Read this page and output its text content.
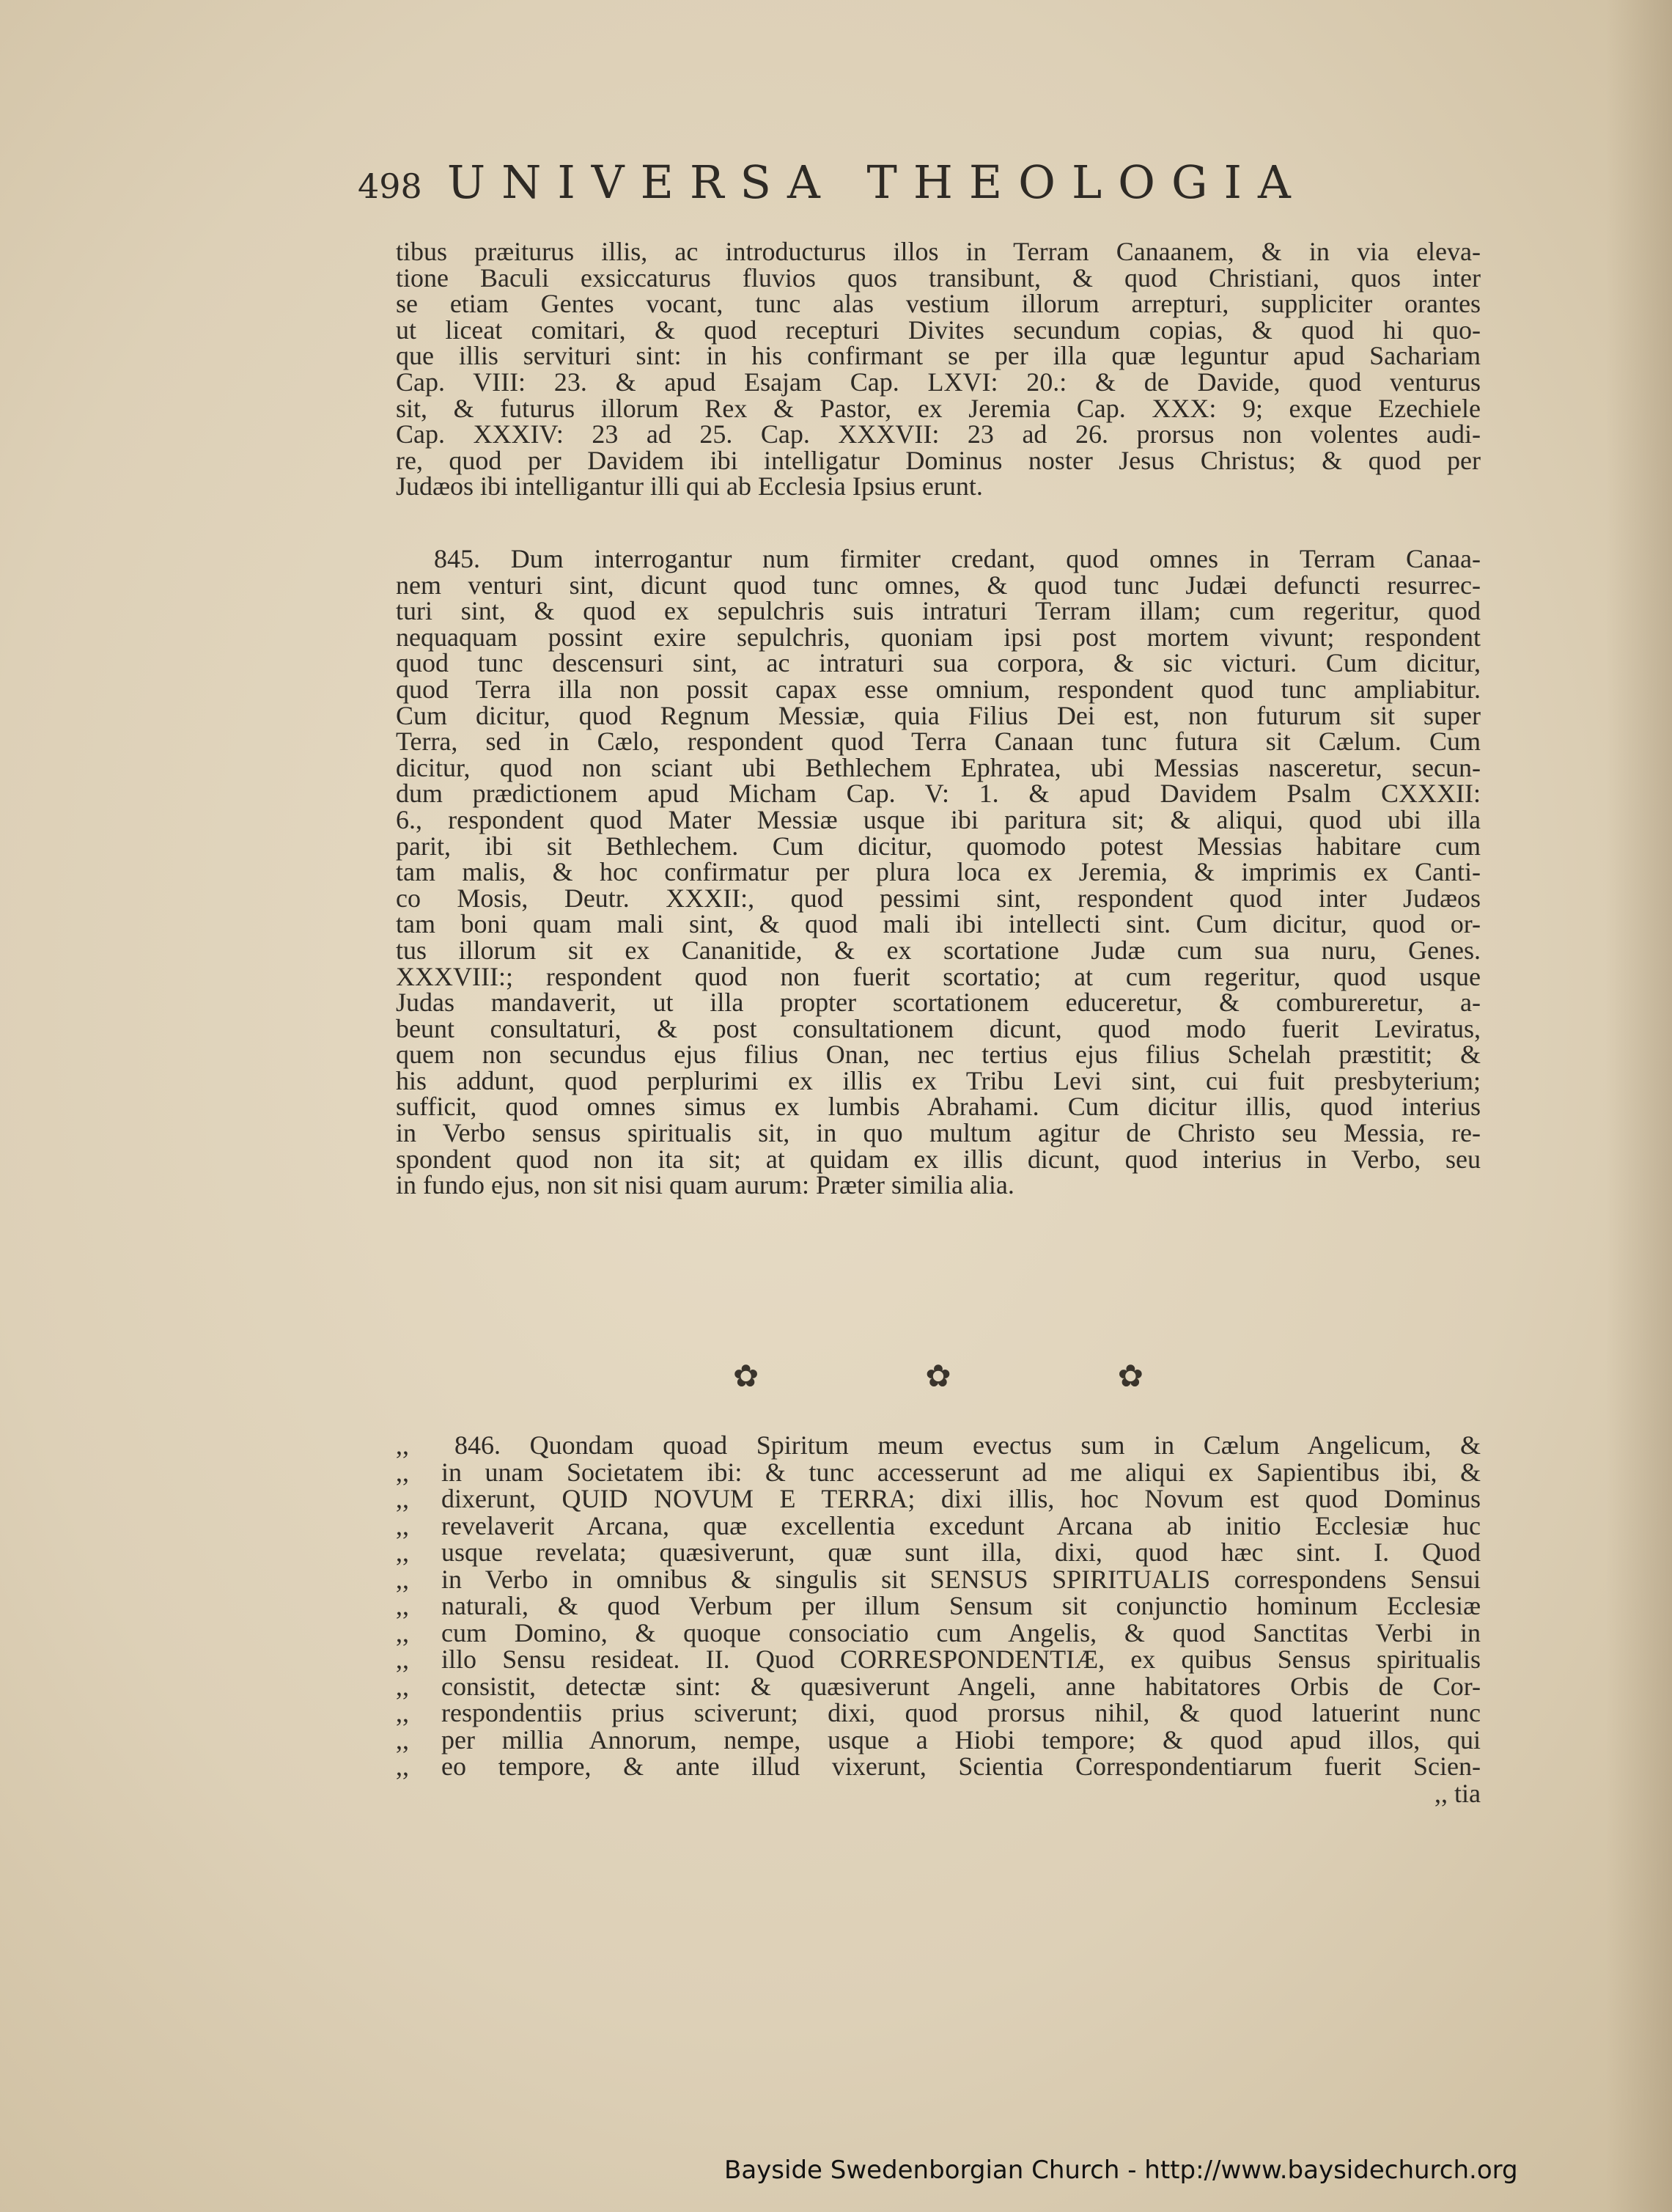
498 UNIVERSA THEOLOGIA
tibus præiturus illis, ac introducturus illos in Terram Canaanem, & in via eleva-
tione Baculi exsiccaturus fluvios quos transibunt, & quod Christiani, quos inter
se etiam Gentes vocant, tunc alas vestium illorum arrepturi, suppliciter orantes
ut liceat comitari, & quod recepturi Divites secundum copias, & quod hi quo-
que illis servituri sint: in his confirmant se per illa quæ leguntur apud Sachariam
Cap. VIII: 23. & apud Esajam Cap. LXVI: 20.: & de Davide, quod venturus
sit, & futurus illorum Rex & Pastor, ex Jeremia Cap. XXX: 9; exque Ezechiele
Cap. XXXIV: 23 ad 25. Cap. XXXVII: 23 ad 26. prorsus non volentes audi-
re, quod per Davidem ibi intelligatur Dominus noster Jesus Christus; & quod per
Judæos ibi intelligantur illi qui ab Ecclesia Ipsius erunt.
845. Dum interrogantur num firmiter credant, quod omnes in Terram Canaa-
nem venturi sint, dicunt quod tunc omnes, & quod tunc Judæi defuncti resurrec-
turi sint, & quod ex sepulchris suis intraturi Terram illam; cum regeritur, quod
nequaquam possint exire sepulchris, quoniam ipsi post mortem vivunt; respondent
quod tunc descensuri sint, ac intraturi sua corpora, & sic victuri. Cum dicitur,
quod Terra illa non possit capax esse omnium, respondent quod tunc ampliabitur.
Cum dicitur, quod Regnum Messiæ, quia Filius Dei est, non futurum sit super
Terra, sed in Cælo, respondent quod Terra Canaan tunc futura sit Cælum. Cum
dicitur, quod non sciant ubi Bethlechem Ephratea, ubi Messias nasceretur, secun-
dum prædictionem apud Micham Cap. V: 1. & apud Davidem Psalm CXXXII:
6., respondent quod Mater Messiæ usque ibi paritura sit; & aliqui, quod ubi illa
parit, ibi sit Bethlechem. Cum dicitur, quomodo potest Messias habitare cum
tam malis, & hoc confirmatur per plura loca ex Jeremia, & imprimis ex Canti-
co Mosis, Deutr. XXXII:, quod pessimi sint, respondent quod inter Judæos
tam boni quam mali sint, & quod mali ibi intellecti sint. Cum dicitur, quod or-
tus illorum sit ex Cananitide, & ex scortatione Judæ cum sua nuru, Genes.
XXXVIII:; respondent quod non fuerit scortatio; at cum regeritur, quod usque
Judas mandaverit, ut illa propter scortationem educeretur, & combureretur, a-
beunt consultaturi, & post consultationem dicunt, quod modo fuerit Leviratus,
quem non secundus ejus filius Onan, nec tertius ejus filius Schelah præstitit; &
his addunt, quod perplurimi ex illis ex Tribu Levi sint, cui fuit presbyterium;
sufficit, quod omnes simus ex lumbis Abrahami. Cum dicitur illis, quod interius
in Verbo sensus spiritualis sit, in quo multum agitur de Christo seu Messia, re-
spondent quod non ita sit; at quidam ex illis dicunt, quod interius in Verbo, seu
in fundo ejus, non sit nisi quam aurum: Præter similia alia.
✿	✿	✿
,,	846. Quondam quoad Spiritum meum evectus sum in Cælum Angelicum, &
,,	in unam Societatem ibi: & tunc accesserunt ad me aliqui ex Sapientibus ibi, &
,,	dixerunt, QUID NOVUM E TERRA; dixi illis, hoc Novum est quod Dominus
,,	revelaverit Arcana, quæ excellentia excedunt Arcana ab initio Ecclesiæ huc
,,	usque revelata; quæsiverunt, quæ sunt illa, dixi, quod hæc sint. I. Quod
,,	in Verbo in omnibus & singulis sit SENSUS SPIRITUALIS correspondens Sensui
,,	naturali, & quod Verbum per illum Sensum sit conjunctio hominum Ecclesiæ
,,	cum Domino, & quoque consociatio cum Angelis, & quod Sanctitas Verbi in
,,	illo Sensu resideat. II. Quod CORRESPONDENTIÆ, ex quibus Sensus spiritualis
,,	consistit, detectæ sint: & quæsiverunt Angeli, anne habitatores Orbis de Cor-
,,	respondentiis prius sciverunt; dixi, quod prorsus nihil, & quod latuerint nunc
,,	per millia Annorum, nempe, usque a Hiobi tempore; & quod apud illos, qui
,,	eo tempore, & ante illud vixerunt, Scientia Correspondentiarum fuerit Scien-
,, tia
Bayside Swedenborgian Church - http://www.baysidechurch.org
